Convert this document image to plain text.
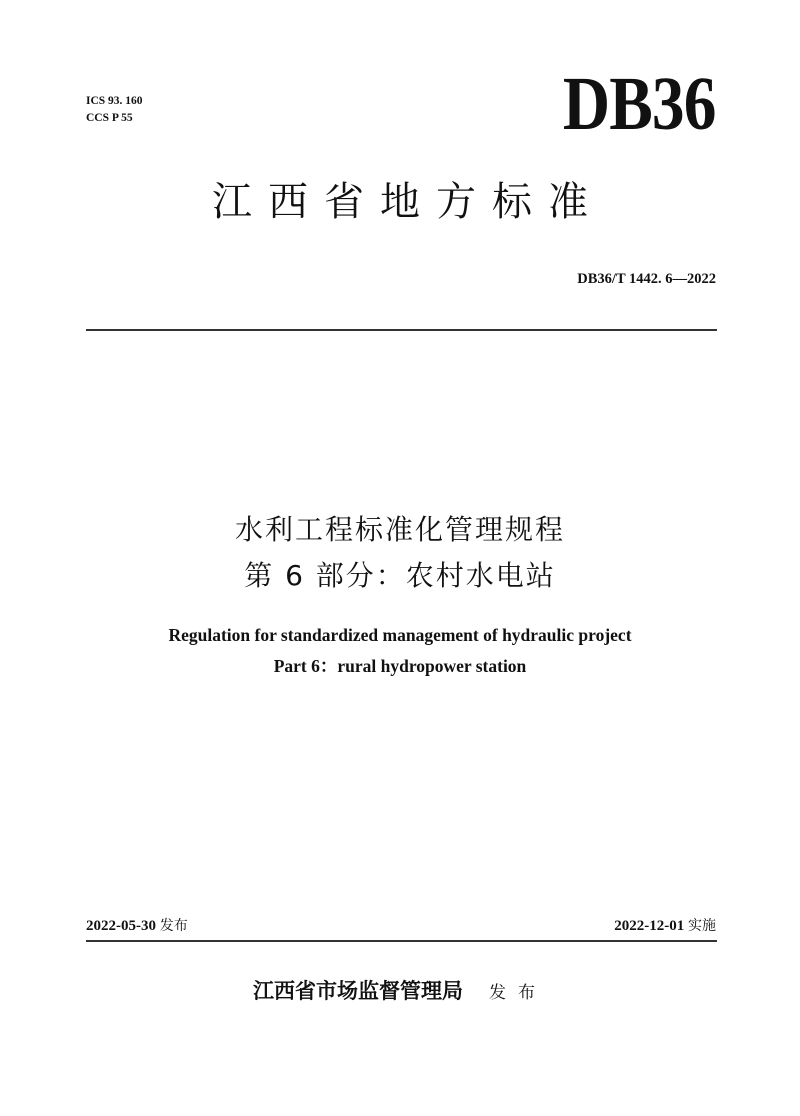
ICS 93. 160
CCS P 55	DB36
江西省地方标准
DB36/T 1442. 6—2022
水利工程标准化管理规程
第 6 部分：农村水电站
Regulation for standardized management of hydraulic project
Part 6：rural hydropower station
2022-05-30 发布	2022-12-01 实施
江西省市场监督管理局 发布
